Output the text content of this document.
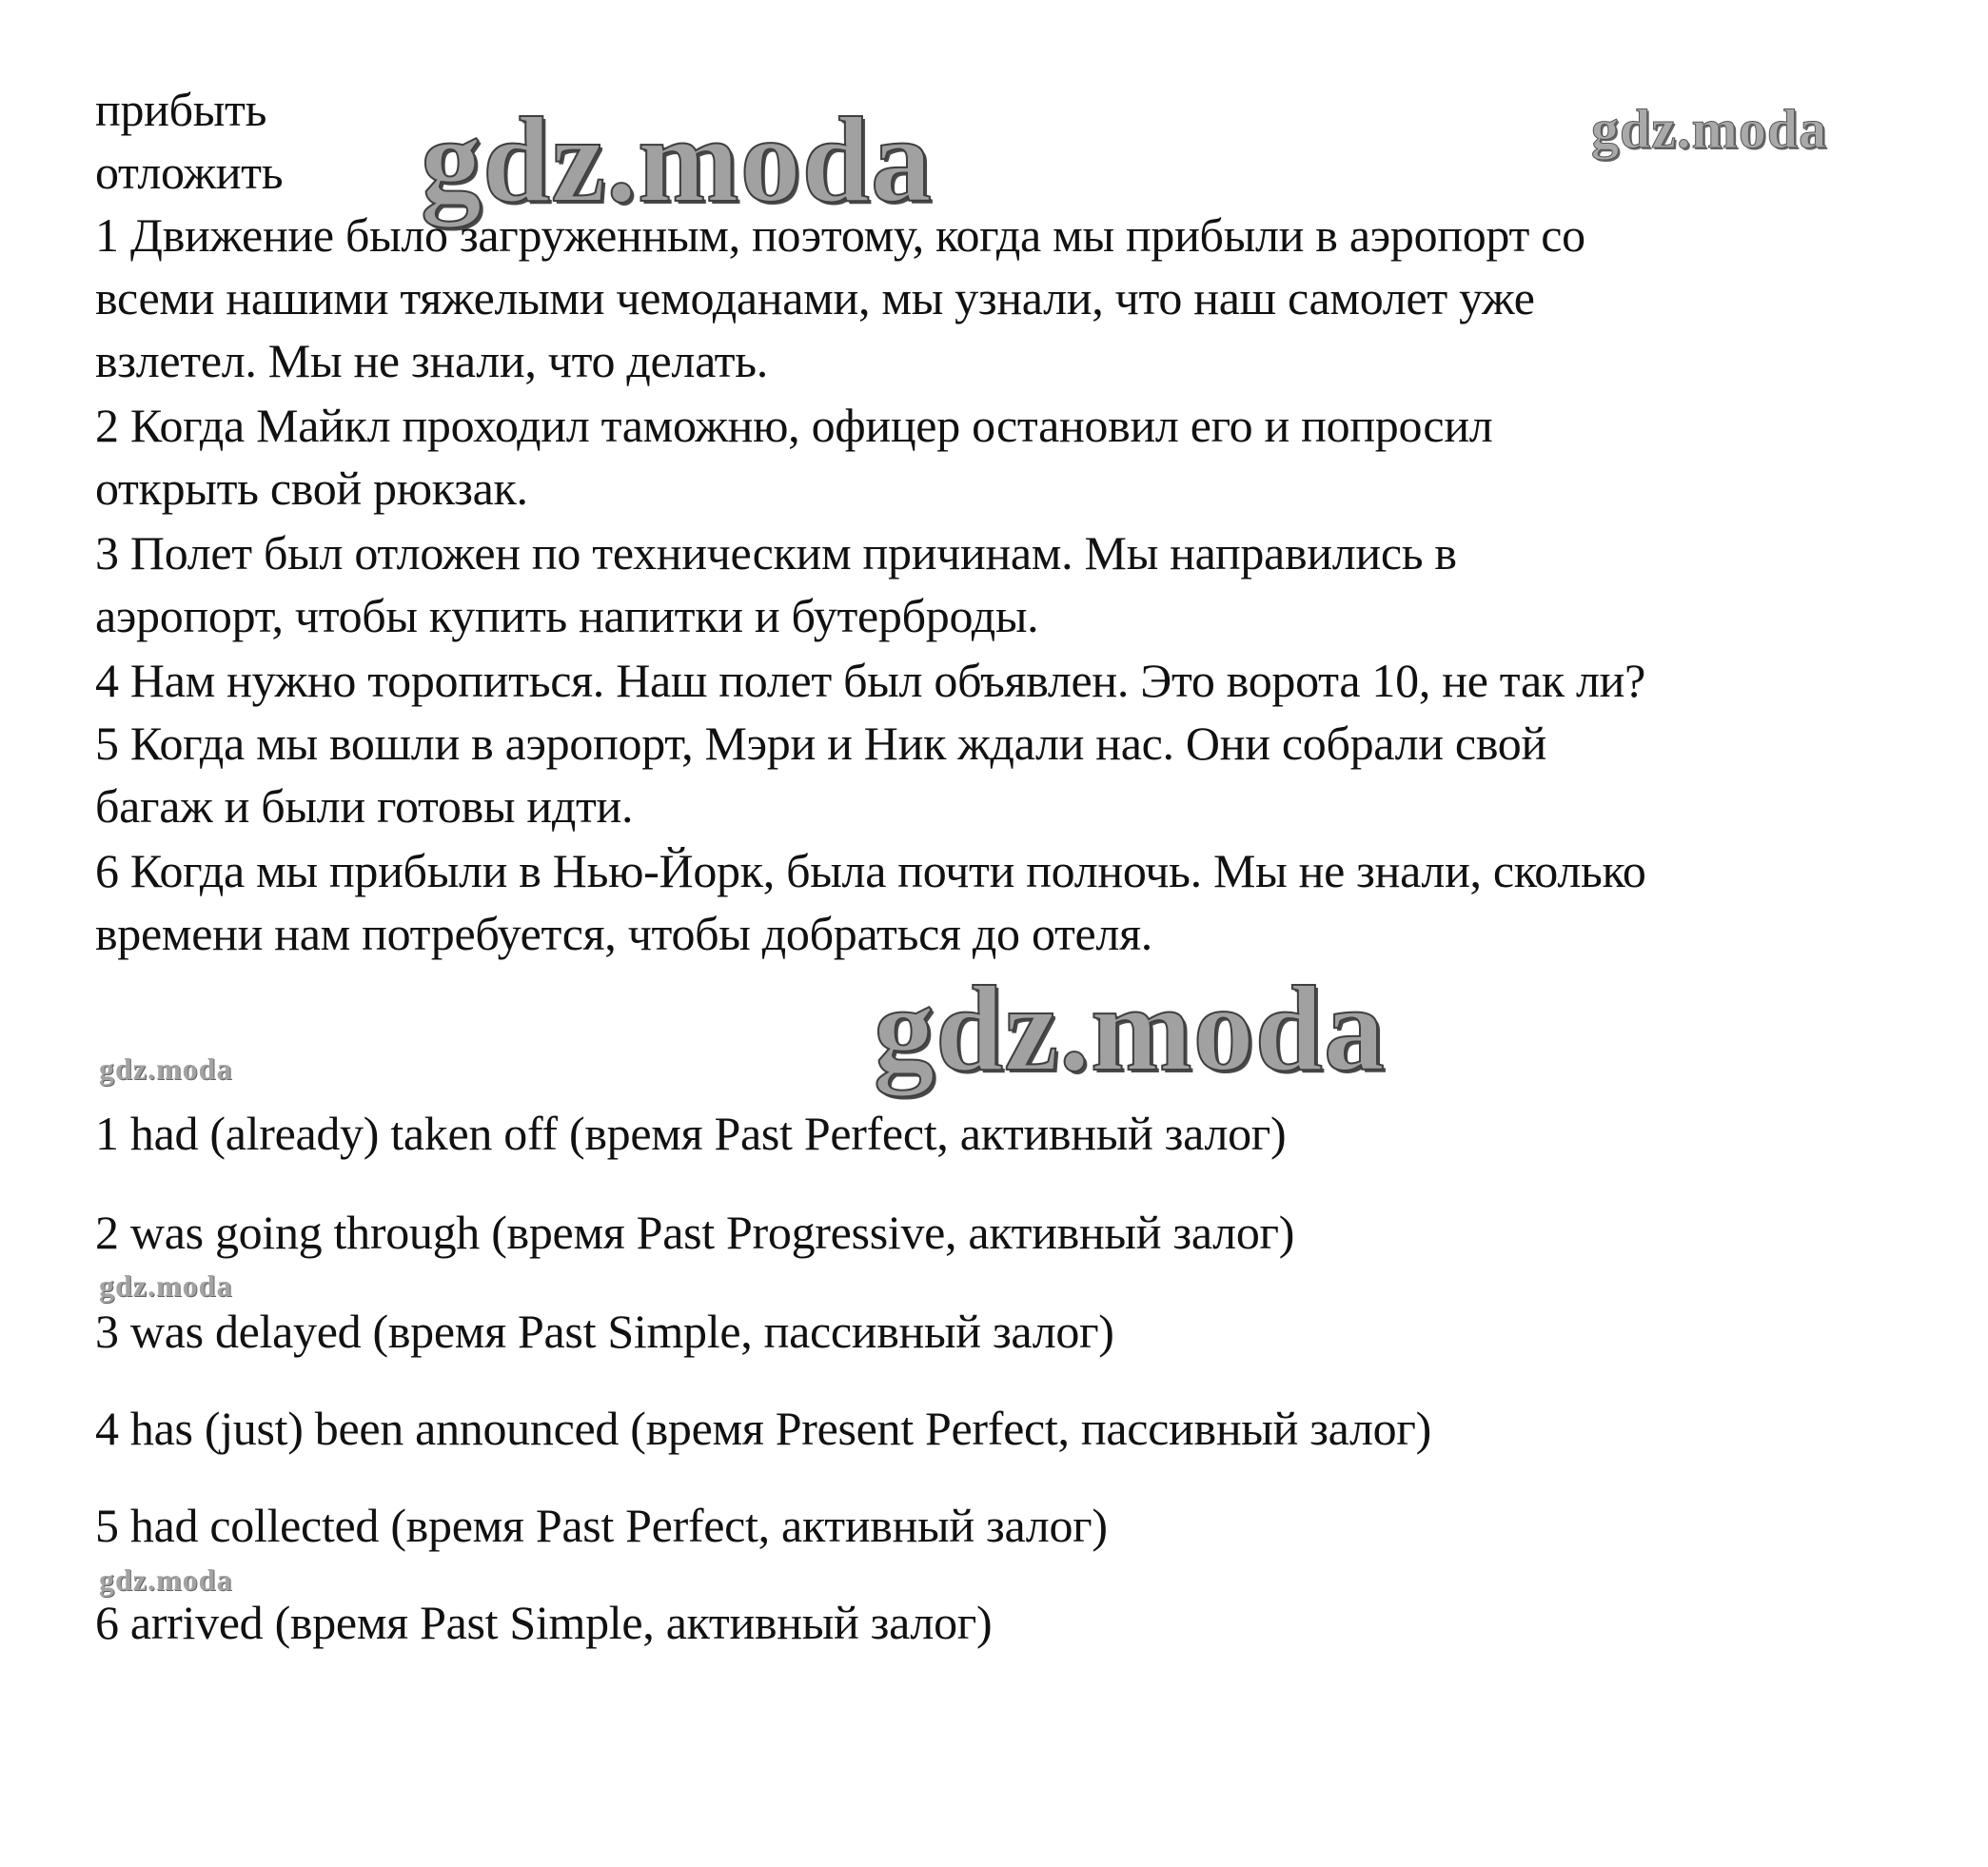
прибыть
отложить
1 Движение было загруженным, поэтому, когда мы прибыли в аэропорт со
всеми нашими тяжелыми чемоданами, мы узнали, что наш самолет уже
взлетел. Мы не знали, что делать.
2 Когда Майкл проходил таможню, офицер остановил его и попросил
открыть свой рюкзак.
3 Полет был отложен по техническим причинам. Мы направились в
аэропорт, чтобы купить напитки и бутерброды.
4 Нам нужно торопиться. Наш полет был объявлен. Это ворота 10, не так ли?
5 Когда мы вошли в аэропорт, Мэри и Ник ждали нас. Они собрали свой
багаж и были готовы идти.
6 Когда мы прибыли в Нью-Йорк, была почти полночь. Мы не знали, сколько
времени нам потребуется, чтобы добраться до отеля.
1 had (already) taken off (время Past Perfect, активный залог)
2 was going through (время Past Progressive, активный залог)
3 was delayed (время Past Simple, пассивный залог)
4 has (just) been announced (время Present Perfect, пассивный залог)
5 had collected (время Past Perfect, активный залог)
6 arrived (время Past Simple, активный залог)
gdz.moda	gdz.moda
gdz.moda
gdz.moda
gdz.moda
gdz.moda
